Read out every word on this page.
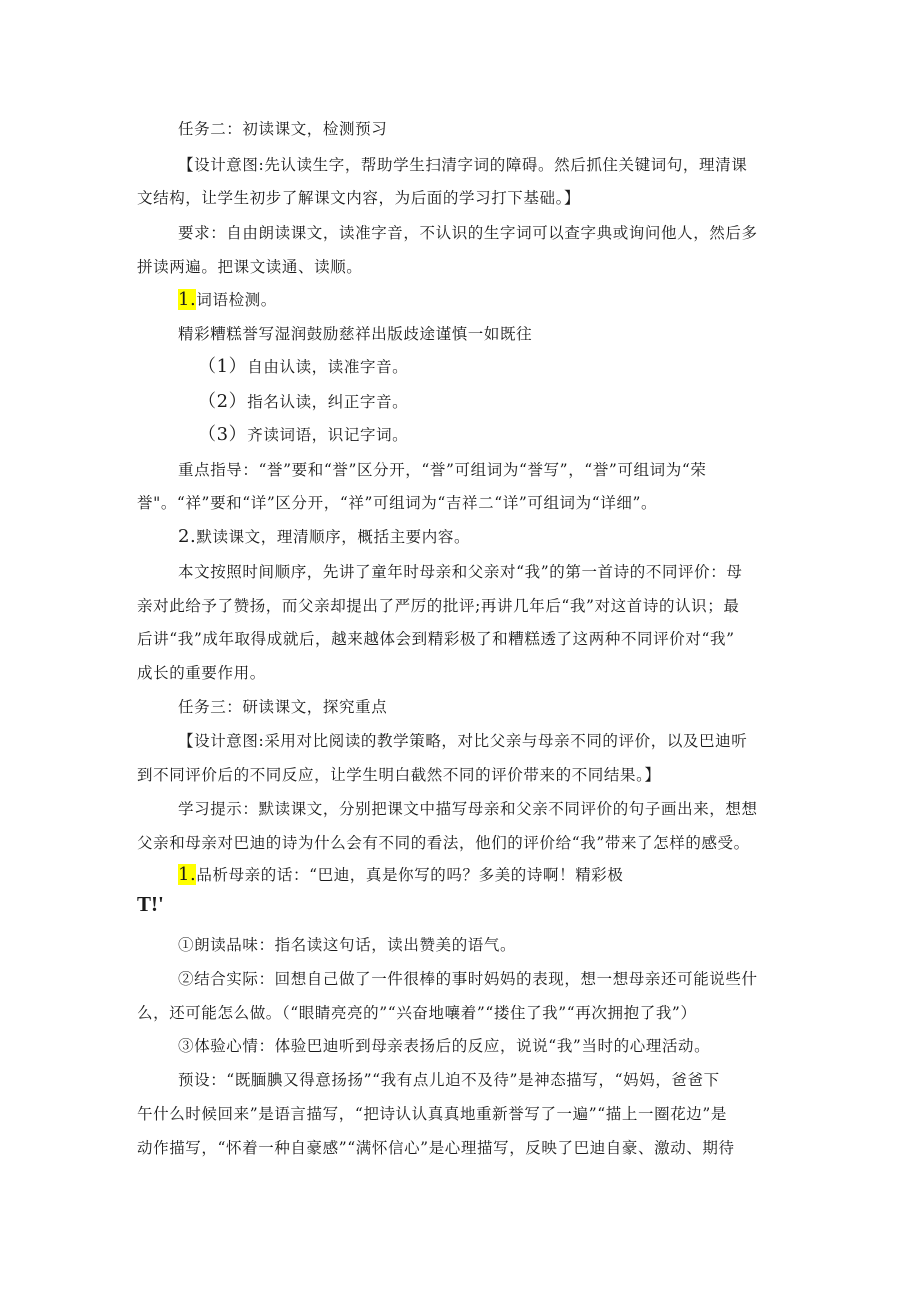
任务二：初读课文，检测预习
【设计意图:先认读生字，帮助学生扫清字词的障碍。然后抓住关键词句，理清课
文结构，让学生初步了解课文内容，为后面的学习打下基础。】
要求：自由朗读课文，读准字音，不认识的生字词可以查字典或询问他人，然后多
拼读两遍。把课文读通、读顺。
1.词语检测。
精彩糟糕誉写湿润鼓励慈祥出版歧途谨慎一如既往
（1）自由认读，读准字音。
（2）指名认读，纠正字音。
（3）齐读词语，识记字词。
重点指导：“誉”要和“誉”区分开，“誉”可组词为“誉写”，“誉”可组词为“荣
誉"。“祥”要和“详”区分开，“祥”可组词为“吉祥二“详”可组词为“详细”。
2.默读课文，理清顺序，概括主要内容。
本文按照时间顺序，先讲了童年时母亲和父亲对“我”的第一首诗的不同评价：母
亲对此给予了赞扬，而父亲却提出了严厉的批评;再讲几年后“我”对这首诗的认识；最
后讲“我”成年取得成就后，越来越体会到精彩极了和糟糕透了这两种不同评价对“我”
成长的重要作用。
任务三：研读课文，探究重点
【设计意图:采用对比阅读的教学策略，对比父亲与母亲不同的评价，以及巴迪听
到不同评价后的不同反应，让学生明白截然不同的评价带来的不同结果。】
学习提示：默读课文，分别把课文中描写母亲和父亲不同评价的句子画出来，想想
父亲和母亲对巴迪的诗为什么会有不同的看法，他们的评价给“我”带来了怎样的感受。
1.品析母亲的话：“巴迪，真是你写的吗？多美的诗啊！精彩极
T!'
①朗读品味：指名读这句话，读出赞美的语气。
②结合实际：回想自己做了一件很棒的事时妈妈的表现，想一想母亲还可能说些什
么，还可能怎么做。（“眼睛亮亮的”“兴奋地嚷着”“搂住了我”“再次拥抱了我”）
③体验心情：体验巴迪听到母亲表扬后的反应，说说“我”当时的心理活动。
预设：“既腼腆又得意扬扬”“我有点儿迫不及待”是神态描写，“妈妈，爸爸下
午什么时候回来”是语言描写，“把诗认认真真地重新誉写了一遍”“描上一圈花边”是
动作描写，“怀着一种自豪感”“满怀信心”是心理描写，反映了巴迪自豪、激动、期待
